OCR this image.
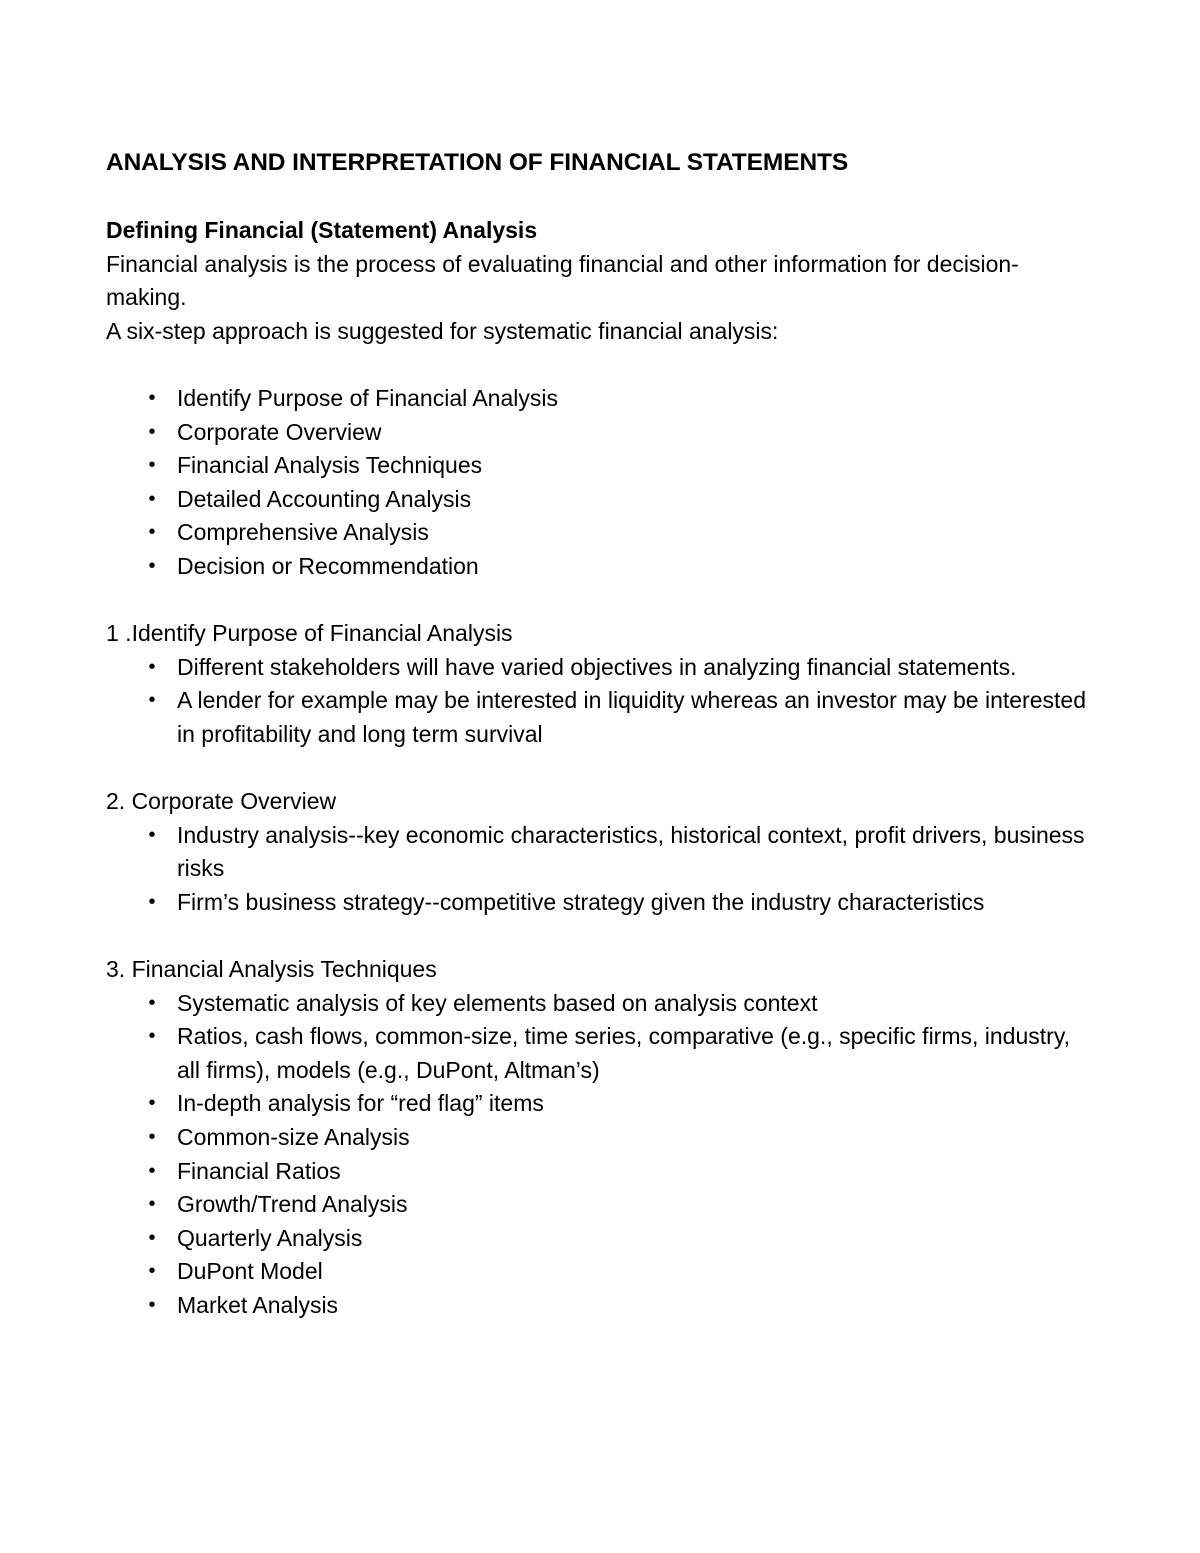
ANALYSIS AND INTERPRETATION OF FINANCIAL STATEMENTS

Defining Financial (Statement) Analysis

Financial analysis is the process of evaluating financial and other information for decision-making.

A six-step approach is suggested for systematic financial analysis:

• Identify Purpose of Financial Analysis
• Corporate Overview
• Financial Analysis Techniques
• Detailed Accounting Analysis
• Comprehensive Analysis
• Decision or Recommendation

1 .Identify Purpose of Financial Analysis

• Different stakeholders will have varied objectives in analyzing financial statements.
• A lender for example may be interested in liquidity whereas an investor may be interested in profitability and long term survival

2. Corporate Overview

• Industry analysis--key economic characteristics, historical context, profit drivers, business risks
• Firm’s business strategy--competitive strategy given the industry characteristics

3. Financial Analysis Techniques

• Systematic analysis of key elements based on analysis context
• Ratios, cash flows, common-size, time series, comparative (e.g., specific firms, industry, all firms), models (e.g., DuPont, Altman’s)
• In-depth analysis for “red flag” items
• Common-size Analysis
• Financial Ratios
• Growth/Trend Analysis
• Quarterly Analysis
• DuPont Model
• Market Analysis
